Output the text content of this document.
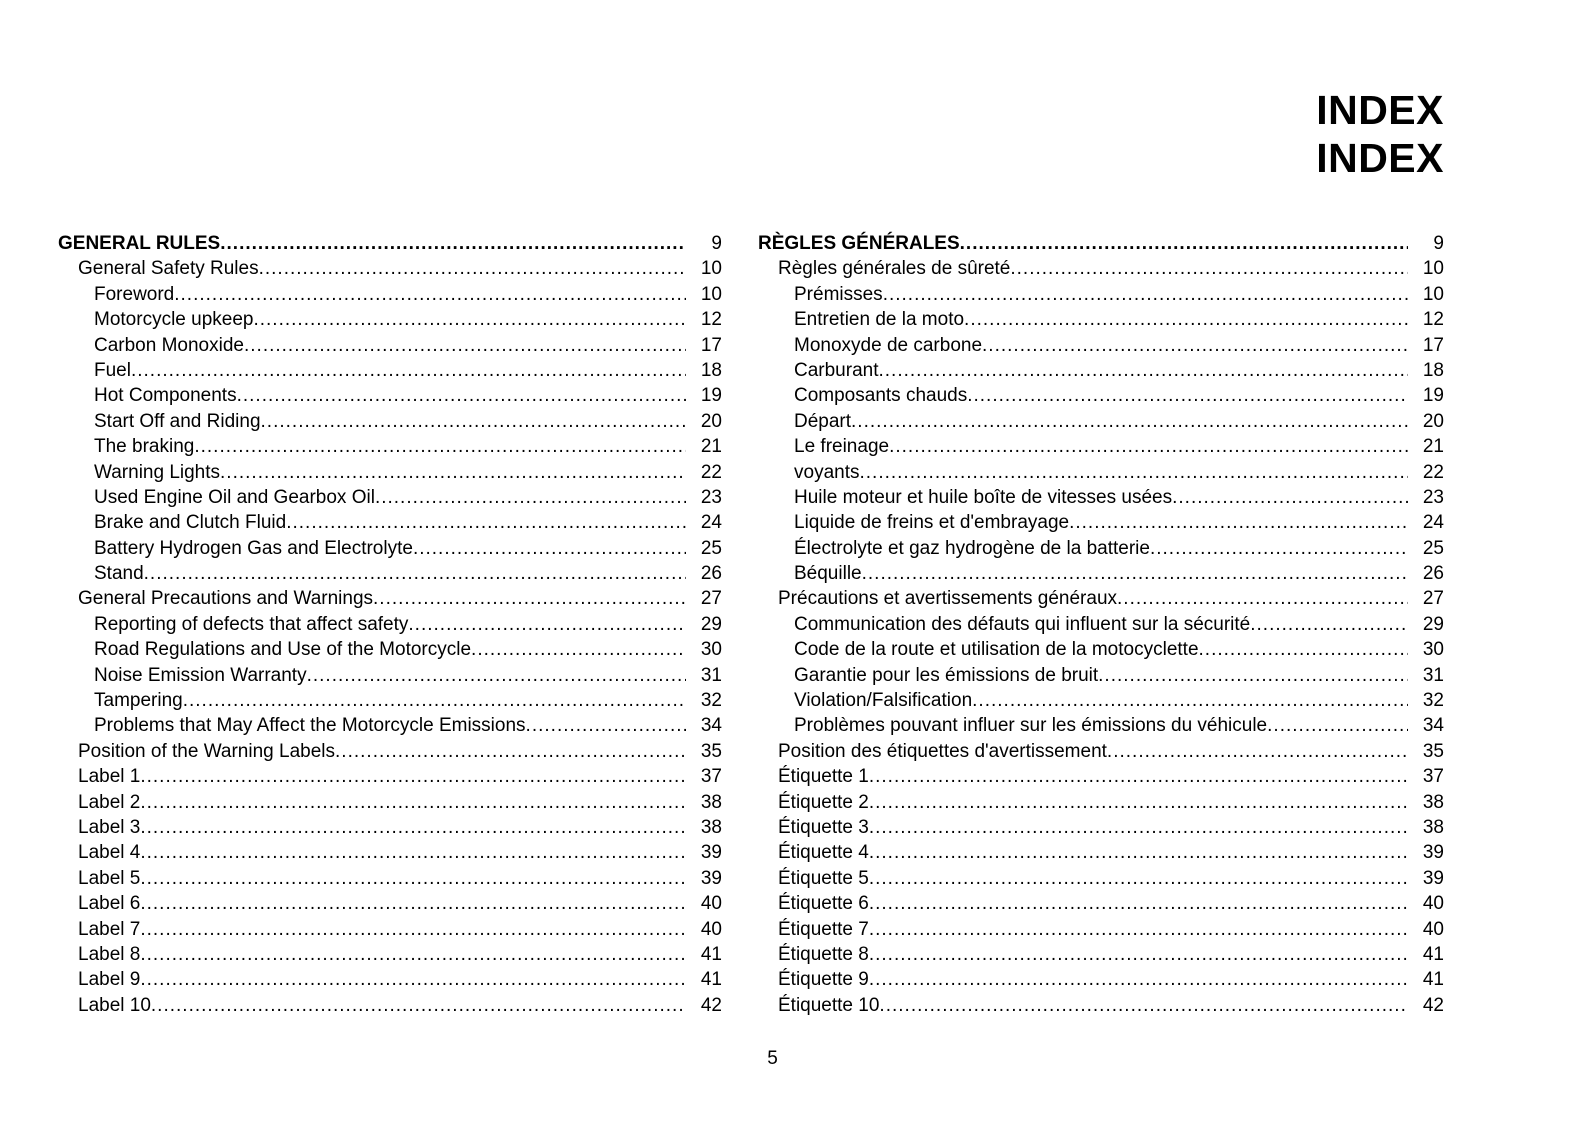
INDEX
INDEX
GENERAL RULES .....	9
General Safety Rules .....	10
Foreword .....	10
Motorcycle upkeep .....	12
Carbon Monoxide .....	17
Fuel .....	18
Hot Components .....	19
Start Off and Riding .....	20
The braking .....	21
Warning Lights .....	22
Used Engine Oil and Gearbox Oil .....	23
Brake and Clutch Fluid .....	24
Battery Hydrogen Gas and Electrolyte .....	25
Stand .....	26
General Precautions and Warnings .....	27
Reporting of defects that affect safety .....	29
Road Regulations and Use of the Motorcycle .....	30
Noise Emission Warranty .....	31
Tampering .....	32
Problems that May Affect the Motorcycle Emissions .....	34
Position of the Warning Labels .....	35
Label 1 .....	37
Label 2 .....	38
Label 3 .....	38
Label 4 .....	39
Label 5 .....	39
Label 6 .....	40
Label 7 .....	40
Label 8 .....	41
Label 9 .....	41
Label 10 .....	42
RÈGLES GÉNÉRALES .....	9
Règles générales de sûreté .....	10
Prémisses .....	10
Entretien de la moto .....	12
Monoxyde de carbone .....	17
Carburant .....	18
Composants chauds .....	19
Départ .....	20
Le freinage .....	21
voyants .....	22
Huile moteur et huile boîte de vitesses usées .....	23
Liquide de freins et d'embrayage .....	24
Électrolyte et gaz hydrogène de la batterie .....	25
Béquille .....	26
Précautions et avertissements généraux .....	27
Communication des défauts qui influent sur la sécurité .....	29
Code de la route et utilisation de la motocyclette .....	30
Garantie pour les émissions de bruit .....	31
Violation/Falsification .....	32
Problèmes pouvant influer sur les émissions du véhicule .....	34
Position des étiquettes d'avertissement .....	35
Étiquette 1 .....	37
Étiquette 2 .....	38
Étiquette 3 .....	38
Étiquette 4 .....	39
Étiquette 5 .....	39
Étiquette 6 .....	40
Étiquette 7 .....	40
Étiquette 8 .....	41
Étiquette 9 .....	41
Étiquette 10 .....	42
5
